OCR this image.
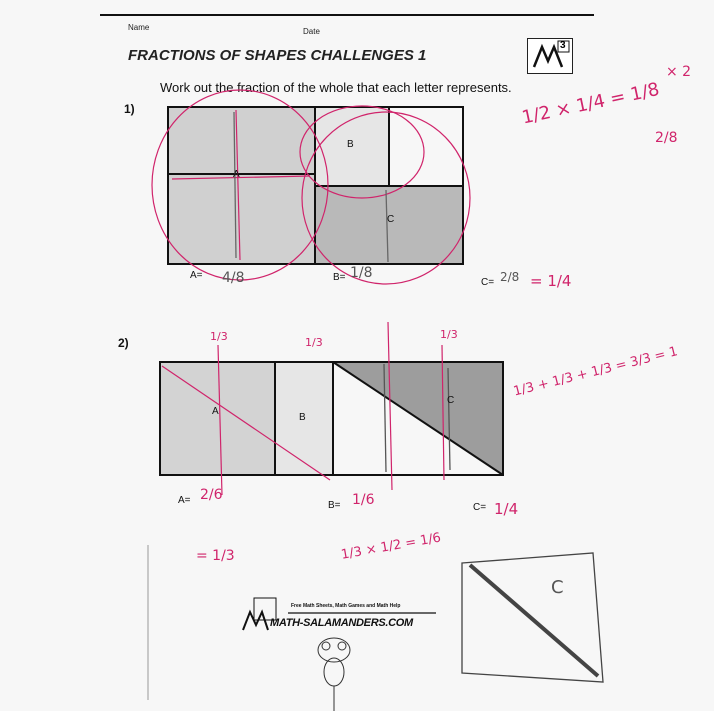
Name	Date
FRACTIONS OF SHAPES CHALLENGES 1
3
Work out the fraction of the whole that each letter represents.
1)
2)
A
B
C
A=	B=	C=
4/8	1/8	2/8 = 1/4
1/2 × 1/4 = 1/8
2/8
× 2
A
B
C
1/3	1/3
1/3
A=	B=	C=
2/6
= 1/3
1/6	1/4
1/3 + 1/3 + 1/3 = 3/3 = 1
1/3 × 1/2 = 1/6
C
Free Math Sheets, Math Games and Math Help
MATH-SALAMANDERS.COM
